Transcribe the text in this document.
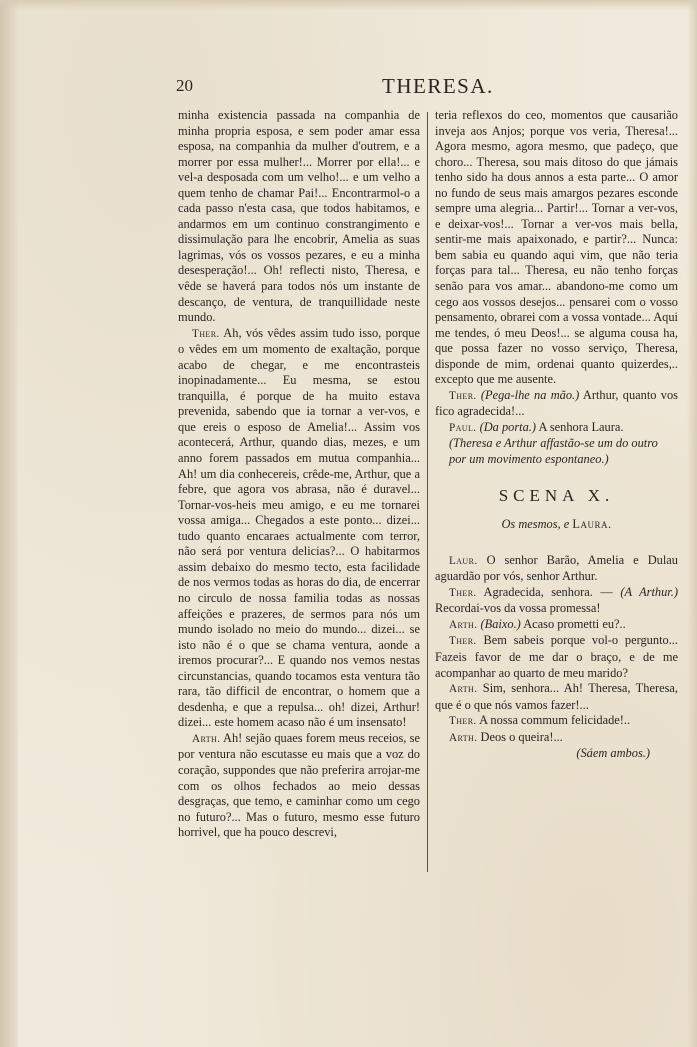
20	THERESA.

minha existencia passada na companhia de minha propria esposa, e sem poder amar essa esposa, na companhia da mulher d'outrem, e a morrer por essa mulher!... Morrer por ella!... e vel-a desposada com um velho!... e um velho a quem tenho de chamar Pai!... Encontrarmol-o a cada passo n'esta casa, que todos habitamos, e andarmos em um continuo constrangimento e dissimulação para lhe encobrir, Amelia as suas lagrimas, vós os vossos pezares, e eu a minha desesperação!... Oh! reflecti nisto, Theresa, e vêde se haverá para todos nós um instante de descanço, de ventura, de tranquillidade neste mundo.

Ther. Ah, vós vêdes assim tudo isso, porque o vêdes em um momento de exaltação, porque acabo de chegar, e me encontrasteis inopinadamente... Eu mesma, se estou tranquilla, é porque de ha muito estava prevenida, sabendo que ia tornar a ver-vos, e que ereis o esposo de Amelia!... Assim vos acontecerá, Arthur, quando dias, mezes, e um anno forem passados em mutua companhia... Ah! um dia conhecereis, crêde-me, Arthur, que a febre, que agora vos abrasa, não é duravel... Tornar-vos-heis meu amigo, e eu me tornarei vossa amiga... Chegados a este ponto... dizei... tudo quanto encaraes actualmente com terror, não será por ventura delicias?... O habitarmos assim debaixo do mesmo tecto, esta facilidade de nos vermos todas as horas do dia, de encerrar no circulo de nossa familia todas as nossas affeições e prazeres, de sermos para nós um mundo isolado no meio do mundo... dizei... se isto não é o que se chama ventura, aonde a iremos procurar?... E quando nos vemos nestas circunstancias, quando tocamos esta ventura tão rara, tão difficil de encontrar, o homem que a desdenha, e que a repulsa... oh! dizei, Arthur! dizei... este homem acaso não é um insensato!

Arth. Ah! sejão quaes forem meus receios, se por ventura não escutasse eu mais que a voz do coração, suppondes que não preferira arrojar-me com os olhos fechados ao meio dessas desgraças, que temo, e caminhar como um cego no futuro?... Mas o futuro, mesmo esse futuro horrivel, que ha pouco descrevi,

teria reflexos do ceo, momentos que causarião inveja aos Anjos; porque vos veria, Theresa!... Agora mesmo, agora mesmo, que padeço, que choro... Theresa, sou mais ditoso do que jámais tenho sido ha dous annos a esta parte... O amor no fundo de seus mais amargos pezares esconde sempre uma alegria... Partir!... Tornar a ver-vos, e deixar-vos!... Tornar a ver-vos mais bella, sentir-me mais apaixonado, e partir?... Nunca: bem sabia eu quando aqui vim, que não teria forças para tal... Theresa, eu não tenho forças senão para vos amar... abandono-me como um cego aos vossos desejos... pensarei com o vosso pensamento, obrarei com a vossa vontade... Aqui me tendes, ó meu Deos!... se alguma cousa ha, que possa fazer no vosso serviço, Theresa, disponde de mim, ordenai quanto quizerdes,.. excepto que me ausente.

Ther. (Pega-lhe na mão.) Arthur, quanto vos fico agradecida!...

Paul. (Da porta.) A senhora Laura.

(Theresa e Arthur affastão-se um do outro por um movimento espontaneo.)

SCENA X.

Os mesmos, e Laura.

Laur. O senhor Barão, Amelia e Dulau aguardão por vós, senhor Arthur.

Ther. Agradecida, senhora. — (A Arthur.) Recordai-vos da vossa promessa!

Arth. (Baixo.) Acaso prometti eu?..

Ther. Bem sabeis porque vol-o pergunto... Fazeis favor de me dar o braço, e de me acompanhar ao quarto de meu marido?

Arth. Sim, senhora... Ah! Theresa, Theresa, que é o que nós vamos fazer!...

Ther. A nossa commum felicidade!..

Arth. Deos o queira!...

(Sáem ambos.)
